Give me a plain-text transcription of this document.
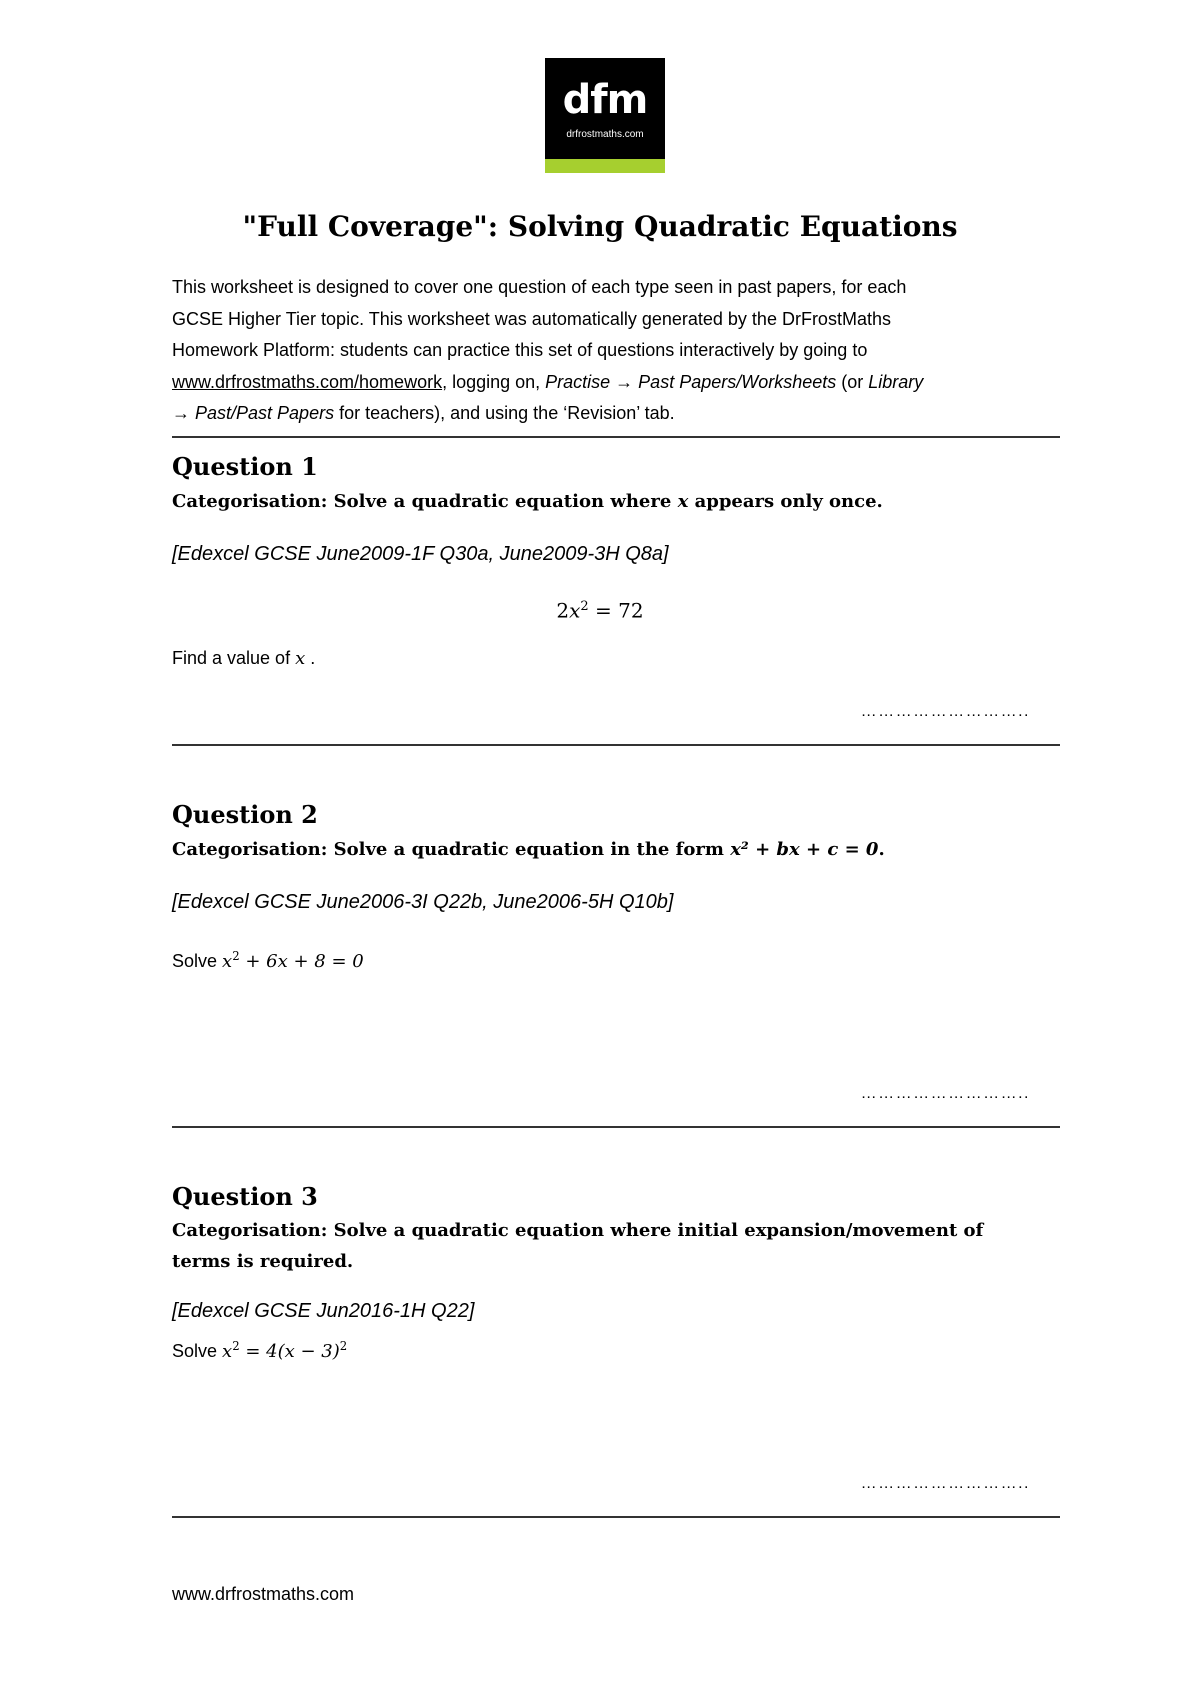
dfm
drfrostmaths.com
"Full Coverage": Solving Quadratic Equations
This worksheet is designed to cover one question of each type seen in past papers, for each
GCSE Higher Tier topic. This worksheet was automatically generated by the DrFrostMaths
Homework Platform: students can practice this set of questions interactively by going to
www.drfrostmaths.com/homework, logging on, Practise → Past Papers/Worksheets (or Library
→ Past/Past Papers for teachers), and using the ‘Revision’ tab.
Question 1
Categorisation: Solve a quadratic equation where x appears only once.
[Edexcel GCSE June2009-1F Q30a, June2009-3H Q8a]
$2x^2 = 72$
Find a value of x .
………………………..
Question 2
Categorisation: Solve a quadratic equation in the form x² + bx + c = 0.
[Edexcel GCSE June2006-3I Q22b, June2006-5H Q10b]
Solve $x^2 + 6x + 8 = 0$
………………………..
Question 3
Categorisation: Solve a quadratic equation where initial expansion/movement of
terms is required.
[Edexcel GCSE Jun2016-1H Q22]
Solve $x^2 = 4(x - 3)^2$
………………………..
www.drfrostmaths.com
